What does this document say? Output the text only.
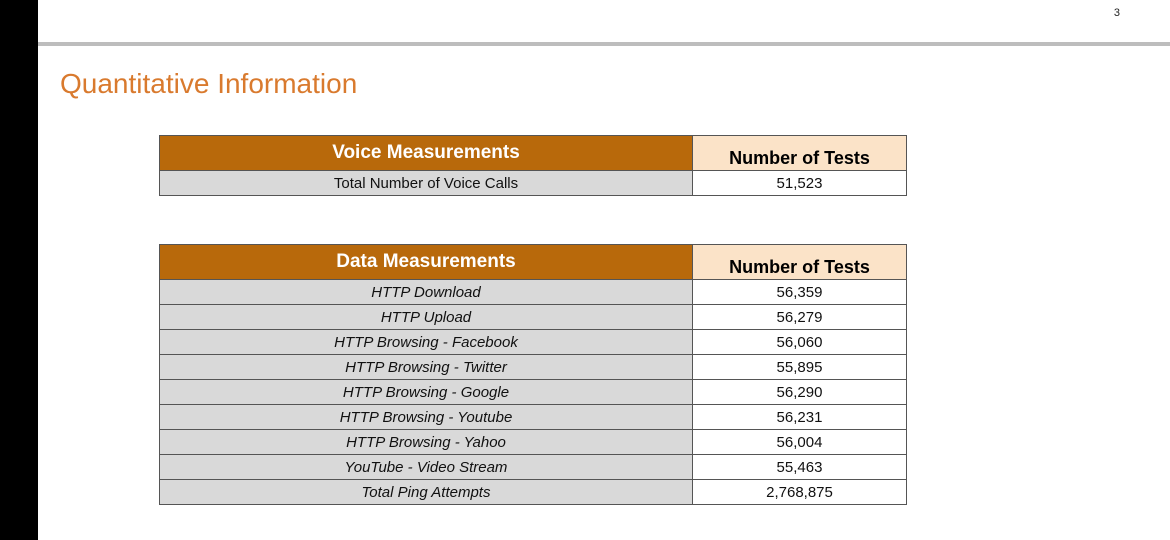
3
Quantitative Information
Voice Measurements	Number of Tests
Total Number of Voice Calls	51,523
Data Measurements	Number of Tests
HTTP Download	56,359
HTTP Upload	56,279
HTTP Browsing - Facebook	56,060
HTTP Browsing - Twitter	55,895
HTTP Browsing - Google	56,290
HTTP Browsing - Youtube	56,231
HTTP Browsing - Yahoo	56,004
YouTube - Video Stream	55,463
Total Ping Attempts	2,768,875
